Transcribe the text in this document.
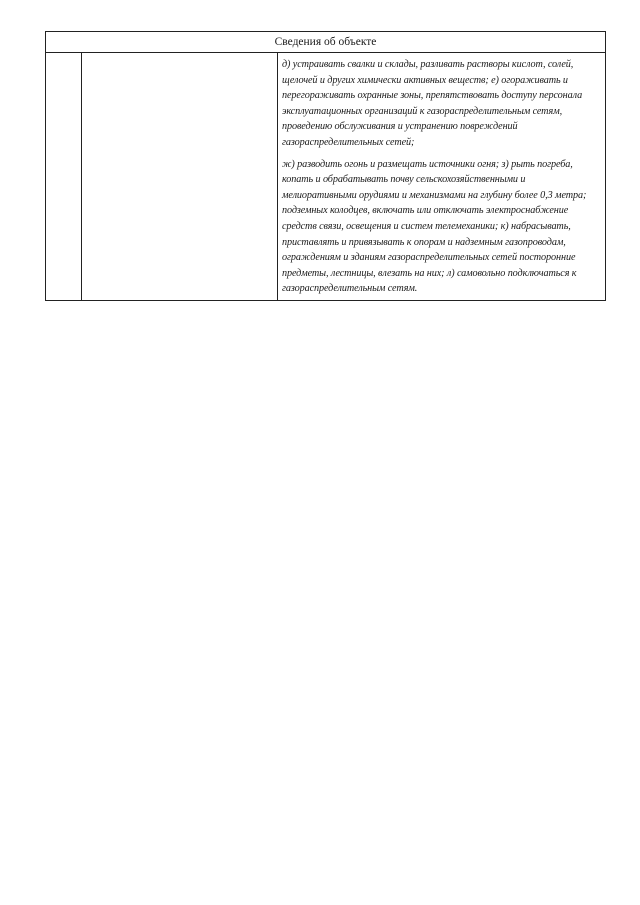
Сведения об объекте

д) устраивать свалки и склады, разливать растворы кислот, солей, щелочей и других химически активных веществ; е) огораживать и перегораживать охранные зоны, препятствовать доступу персонала эксплуатационных организаций к газораспределительным сетям, проведению обслуживания и устранению повреждений газораспределительных сетей;

ж) разводить огонь и размещать источники огня; з) рыть погреба, копать и обрабатывать почву сельскохозяйственными и мелиоративными орудиями и механизмами на глубину более 0,3 метра; подземных колодцев, включать или отключать электроснабжение средств связи, освещения и систем телемеханики; к) набрасывать, приставлять и привязывать к опорам и надземным газопроводам, ограждениям и зданиям газораспределительных сетей посторонние предметы, лестницы, влезать на них; л) самовольно подключаться к газораспределительным сетям.
